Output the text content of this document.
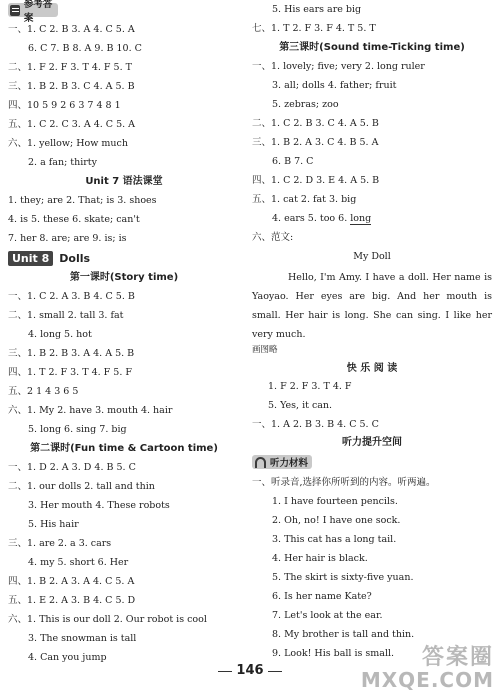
参考答案
一、1. C 2. B 3. A 4. C 5. A
6. C 7. B 8. A 9. B 10. C
二、1. F 2. F 3. T 4. F 5. T
三、1. B 2. B 3. C 4. A 5. B
四、10 5 9 2 6 3 7 4 8 1
五、1. C 2. C 3. A 4. C 5. A
六、1. yellow; How much
2. a fan; thirty
Unit 7 语法课堂
1. they; are 2. That; is 3. shoes
4. is 5. these 6. skate; can't
7. her 8. are; are 9. is; is
Unit 8 Dolls
第一课时(Story time)
一、1. C 2. A 3. B 4. C 5. B
二、1. small 2. tall 3. fat
4. long 5. hot
三、1. B 2. B 3. A 4. A 5. B
四、1. T 2. F 3. T 4. F 5. F
五、2 1 4 3 6 5
六、1. My 2. have 3. mouth 4. hair
5. long 6. sing 7. big
第二课时(Fun time & Cartoon time)
一、1. D 2. A 3. D 4. B 5. C
二、1. our dolls 2. tall and thin
3. Her mouth 4. These robots
5. His hair
三、1. are 2. a 3. cars
4. my 5. short 6. Her
四、1. B 2. A 3. A 4. C 5. A
五、1. E 2. A 3. B 4. C 5. D
六、1. This is our doll 2. Our robot is cool
3. The snowman is tall
4. Can you jump
5. His ears are big
七、1. T 2. F 3. F 4. T 5. T
第三课时(Sound time-Ticking time)
一、1. lovely; five; very 2. long ruler
3. all; dolls 4. father; fruit
5. zebras; zoo
二、1. C 2. B 3. C 4. A 5. B
三、1. B 2. A 3. C 4. B 5. A
6. B 7. C
四、1. C 2. D 3. E 4. A 5. B
五、1. cat 2. fat 3. big
4. ears 5. too 6. long
六、范文:
My Doll
Hello, I'm Amy. I have a doll. Her name is Yaoyao. Her eyes are big. And her mouth is small. Her hair is long. She can sing. I like her very much.
画图略
快 乐 阅 读
1. F 2. F 3. T 4. F
5. Yes, it can.
一、1. A 2. B 3. B 4. C 5. C
听力提升空间
听力材料
一、听录音,选择你所听到的内容。听两遍。
1. I have fourteen pencils.
2. Oh, no! I have one sock.
3. This cat has a long tail.
4. Her hair is black.
5. The skirt is sixty-five yuan.
6. Is her name Kate?
7. Let's look at the ear.
8. My brother is tall and thin.
9. Look! His ball is small.
146
答案圈
MXQE.COM
